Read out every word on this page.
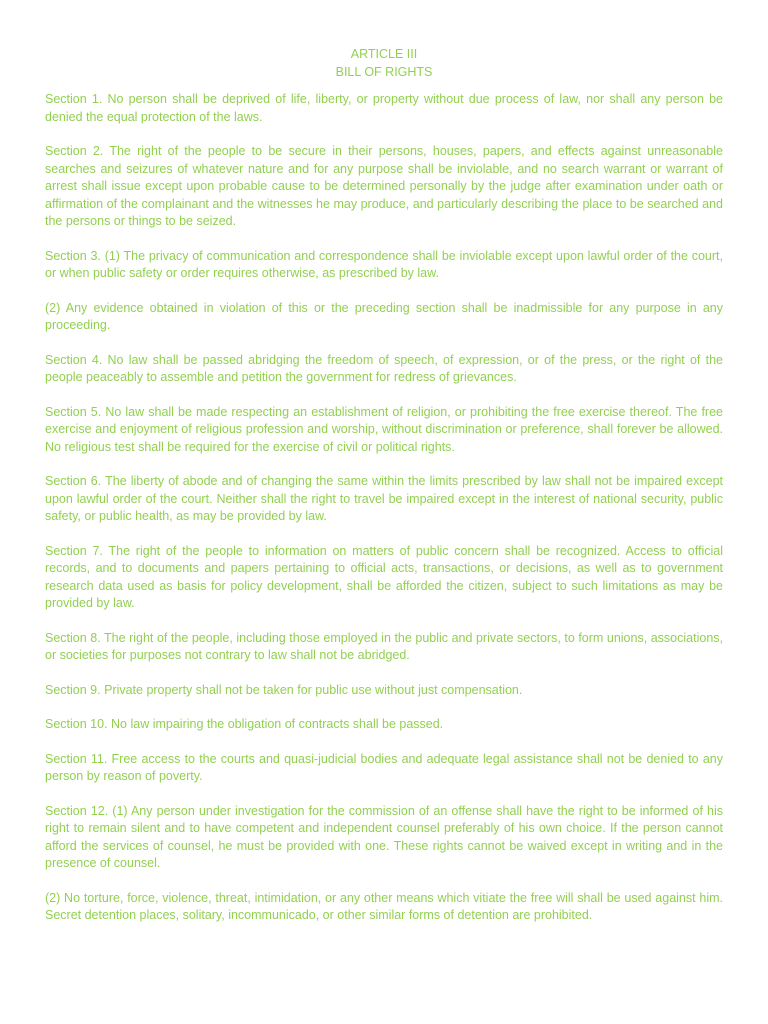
ARTICLE III

BILL OF RIGHTS

Section 1. No person shall be deprived of life, liberty, or property without due process of law, nor shall any person be denied the equal protection of the laws.

Section 2. The right of the people to be secure in their persons, houses, papers, and effects against unreasonable searches and seizures of whatever nature and for any purpose shall be inviolable, and no search warrant or warrant of arrest shall issue except upon probable cause to be determined personally by the judge after examination under oath or affirmation of the complainant and the witnesses he may produce, and particularly describing the place to be searched and the persons or things to be seized.

Section 3. (1) The privacy of communication and correspondence shall be inviolable except upon lawful order of the court, or when public safety or order requires otherwise, as prescribed by law.

(2) Any evidence obtained in violation of this or the preceding section shall be inadmissible for any purpose in any proceeding.

Section 4. No law shall be passed abridging the freedom of speech, of expression, or of the press, or the right of the people peaceably to assemble and petition the government for redress of grievances.

Section 5. No law shall be made respecting an establishment of religion, or prohibiting the free exercise thereof. The free exercise and enjoyment of religious profession and worship, without discrimination or preference, shall forever be allowed. No religious test shall be required for the exercise of civil or political rights.

Section 6. The liberty of abode and of changing the same within the limits prescribed by law shall not be impaired except upon lawful order of the court. Neither shall the right to travel be impaired except in the interest of national security, public safety, or public health, as may be provided by law.

Section 7. The right of the people to information on matters of public concern shall be recognized. Access to official records, and to documents and papers pertaining to official acts, transactions, or decisions, as well as to government research data used as basis for policy development, shall be afforded the citizen, subject to such limitations as may be provided by law.

Section 8. The right of the people, including those employed in the public and private sectors, to form unions, associations, or societies for purposes not contrary to law shall not be abridged.

Section 9. Private property shall not be taken for public use without just compensation.

Section 10. No law impairing the obligation of contracts shall be passed.

Section 11. Free access to the courts and quasi-judicial bodies and adequate legal assistance shall not be denied to any person by reason of poverty.

Section 12. (1) Any person under investigation for the commission of an offense shall have the right to be informed of his right to remain silent and to have competent and independent counsel preferably of his own choice. If the person cannot afford the services of counsel, he must be provided with one. These rights cannot be waived except in writing and in the presence of counsel.

(2) No torture, force, violence, threat, intimidation, or any other means which vitiate the free will shall be used against him. Secret detention places, solitary, incommunicado, or other similar forms of detention are prohibited.
